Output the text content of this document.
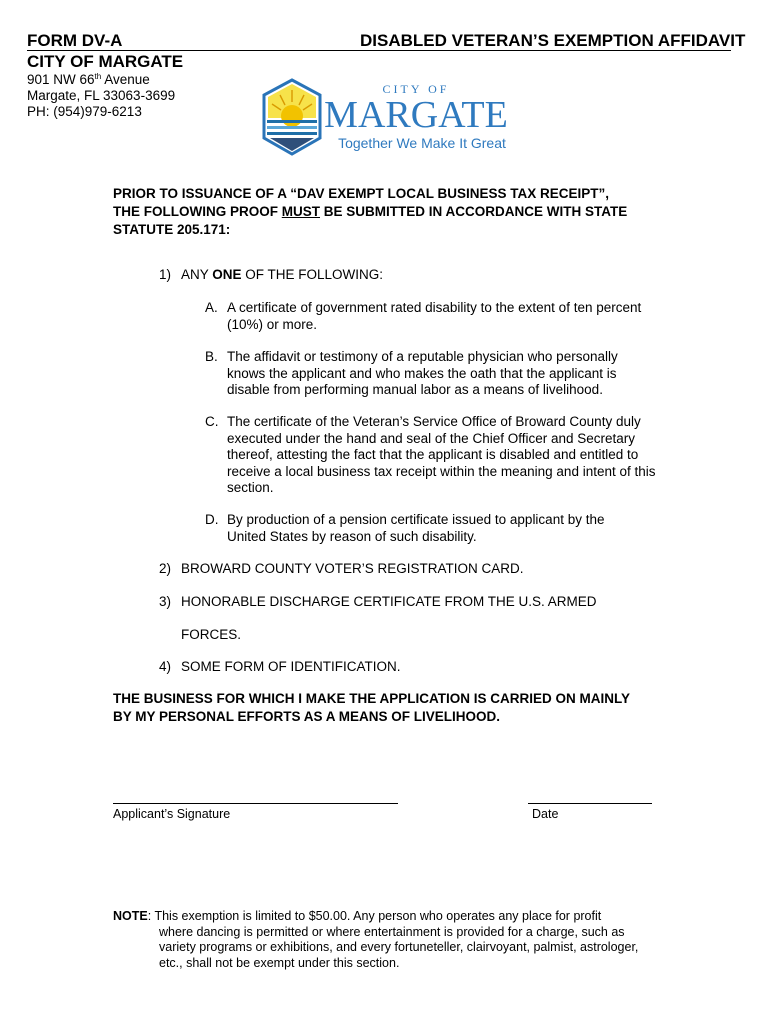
FORM DV-A	DISABLED VETERAN’S EXEMPTION AFFIDAVIT
CITY OF MARGATE
901 NW 66th Avenue
Margate, FL 33063-3699
PH: (954)979-6213
CITY OF
MARGATE
Together We Make It Great
PRIOR TO ISSUANCE OF A “DAV EXEMPT LOCAL BUSINESS TAX RECEIPT”,
THE FOLLOWING PROOF MUST BE SUBMITTED IN ACCORDANCE WITH STATE
STATUTE 205.171:
1) ANY ONE OF THE FOLLOWING:
A. A certificate of government rated disability to the extent of ten percent (10%) or more.
B. The affidavit or testimony of a reputable physician who personally knows the applicant and who makes the oath that the applicant is disable from performing manual labor as a means of livelihood.
C. The certificate of the Veteran’s Service Office of Broward County duly executed under the hand and seal of the Chief Officer and Secretary thereof, attesting the fact that the applicant is disabled and entitled to receive a local business tax receipt within the meaning and intent of this section.
D. By production of a pension certificate issued to applicant by the United States by reason of such disability.
2) BROWARD COUNTY VOTER’S REGISTRATION CARD.
3) HONORABLE DISCHARGE CERTIFICATE FROM THE U.S. ARMED
FORCES.
4) SOME FORM OF IDENTIFICATION.
THE BUSINESS FOR WHICH I MAKE THE APPLICATION IS CARRIED ON MAINLY
BY MY PERSONAL EFFORTS AS A MEANS OF LIVELIHOOD.
Applicant’s Signature	Date
NOTE: This exemption is limited to $50.00. Any person who operates any place for profit
where dancing is permitted or where entertainment is provided for a charge, such as variety programs or exhibitions, and every fortuneteller, clairvoyant, palmist, astrologer, etc., shall not be exempt under this section.
